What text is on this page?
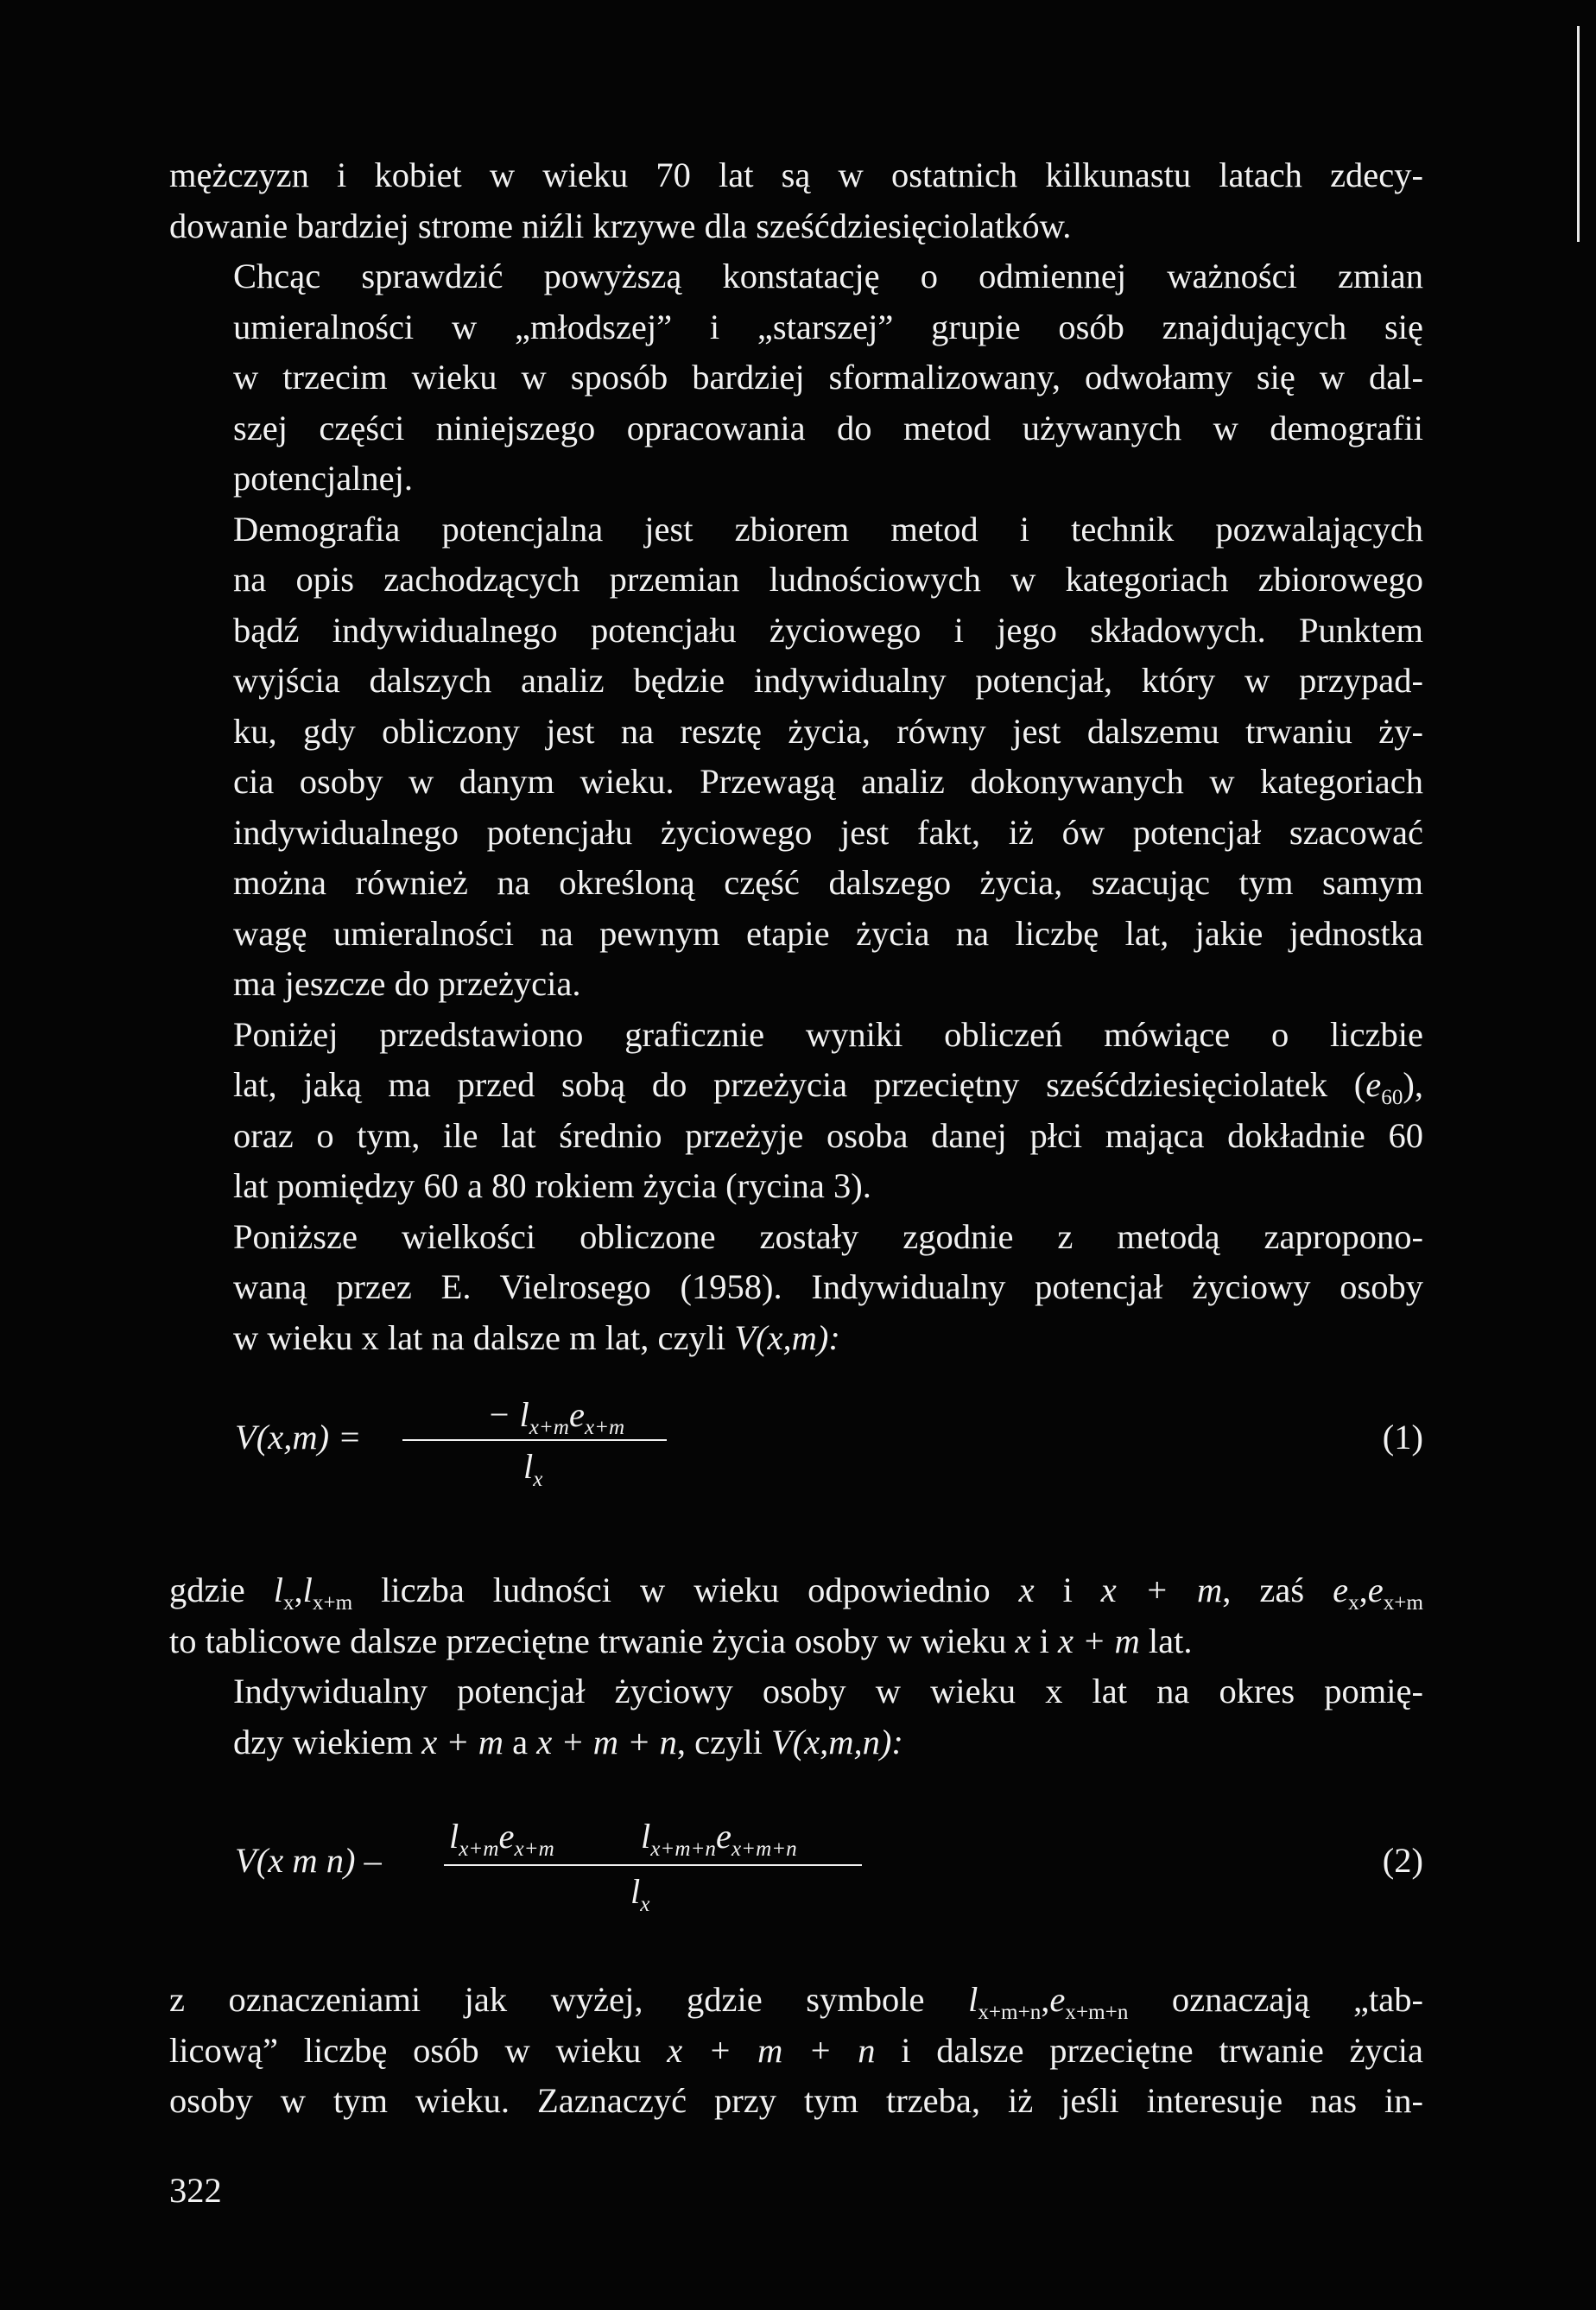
mężczyzn i kobiet w wieku 70 lat są w ostatnich kilkunastu latach zdecy-
dowanie bardziej strome niźli krzywe dla sześćdziesięciolatków.

Chcąc sprawdzić powyższą konstatację o odmiennej ważności zmian
umieralności w „młodszej” i „starszej” grupie osób znajdujących się
w trzecim wieku w sposób bardziej sformalizowany, odwołamy się w dal-
szej części niniejszego opracowania do metod używanych w demografii
potencjalnej.

Demografia potencjalna jest zbiorem metod i technik pozwalających
na opis zachodzących przemian ludnościowych w kategoriach zbiorowego
bądź indywidualnego potencjału życiowego i jego składowych. Punktem
wyjścia dalszych analiz będzie indywidualny potencjał, który w przypad-
ku, gdy obliczony jest na resztę życia, równy jest dalszemu trwaniu ży-
cia osoby w danym wieku. Przewagą analiz dokonywanych w kategoriach
indywidualnego potencjału życiowego jest fakt, iż ów potencjał szacować
można również na określoną część dalszego życia, szacując tym samym
wagę umieralności na pewnym etapie życia na liczbę lat, jakie jednostka
ma jeszcze do przeżycia.

Poniżej przedstawiono graficznie wyniki obliczeń mówiące o liczbie
lat, jaką ma przed sobą do przeżycia przeciętny sześćdziesięciolatek $(e_{60})$,
oraz o tym, ile lat średnio przeżyje osoba danej płci mająca dokładnie 60
lat pomiędzy 60 a 80 rokiem życia (rycina 3).

Poniższe wielkości obliczone zostały zgodnie z metodą zapropono-
waną przez E. Vielrosego (1958). Indywidualny potencjał życiowy osoby
w wieku x lat na dalsze m lat, czyli V(x,m):

V(x,m) =
− $l_{x+m}e_{x+m}$
$l_x$
(1)

gdzie $l_x,l_{x+m}$ liczba ludności w wieku odpowiednio x i x + m, zaś $e_x,e_{x+m}$
to tablicowe dalsze przeciętne trwanie życia osoby w wieku x i x + m lat.

Indywidualny potencjał życiowy osoby w wieku x lat na okres pomię-
dzy wiekiem x + m a x + m + n, czyli V(x,m,n):

V(x m n) –
$l_{x+m}e_{x+m}$ $l_{x+m+n}e_{x+m+n}$
$l_x$
(2)

z oznaczeniami jak wyżej, gdzie symbole $l_{x+m+n},e_{x+m+n}$ oznaczają „tab-
licową” liczbę osób w wieku x + m + n i dalsze przeciętne trwanie życia
osoby w tym wieku. Zaznaczyć przy tym trzeba, iż jeśli interesuje nas in-

322
